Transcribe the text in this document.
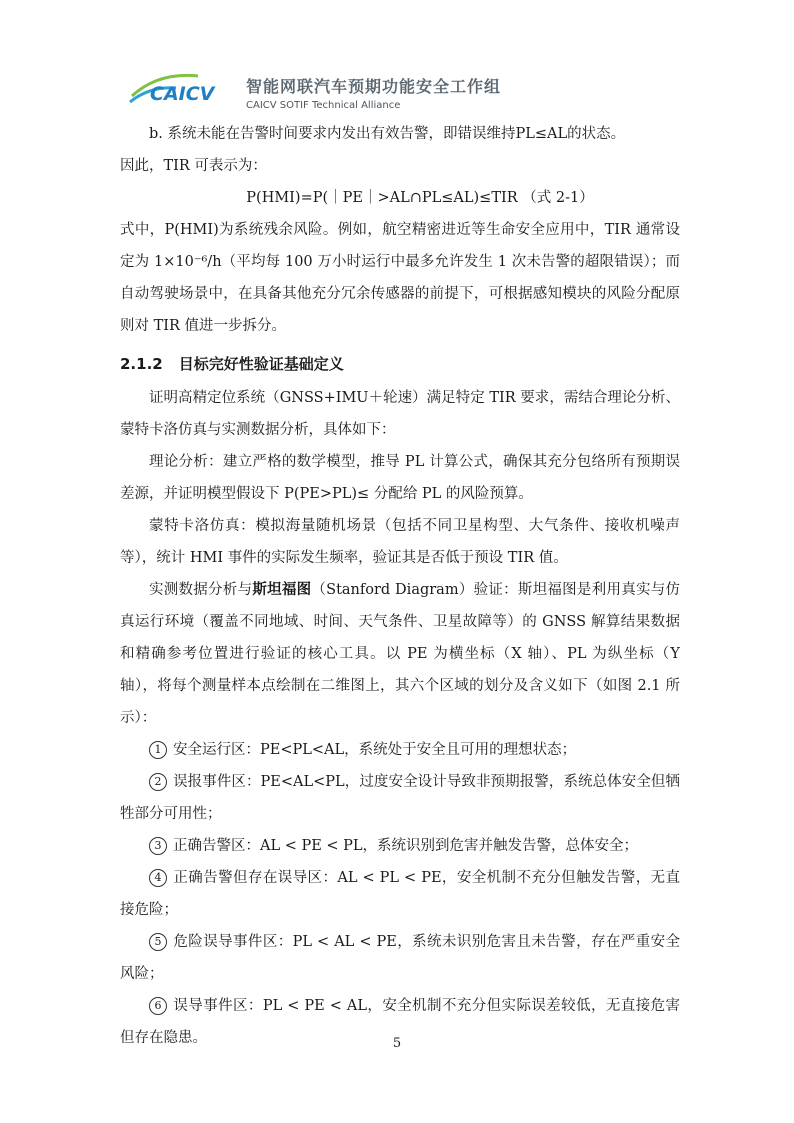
CAICV 智能网联汽车预期功能安全工作组
CAICV SOTIF Technical Alliance

b. 系统未能在告警时间要求内发出有效告警，即错误维持PL≤AL的状态。

因此，TIR 可表示为：

P(HMI)=P(｜PE｜>AL∩PL≤AL)≤TIR （式 2-1）

式中，P(HMI)为系统残余风险。例如，航空精密进近等生命安全应用中，TIR 通常设定为 1×10⁻⁶/h（平均每 100 万小时运行中最多允许发生 1 次未告警的超限错误）；而自动驾驶场景中，在具备其他充分冗余传感器的前提下，可根据感知模块的风险分配原则对 TIR 值进一步拆分。

2.1.2 目标完好性验证基础定义

证明高精定位系统（GNSS+IMU＋轮速）满足特定 TIR 要求，需结合理论分析、蒙特卡洛仿真与实测数据分析，具体如下：

理论分析：建立严格的数学模型，推导 PL 计算公式，确保其充分包络所有预期误差源，并证明模型假设下 P(PE>PL)≤ 分配给 PL 的风险预算。

蒙特卡洛仿真：模拟海量随机场景（包括不同卫星构型、大气条件、接收机噪声等），统计 HMI 事件的实际发生频率，验证其是否低于预设 TIR 值。

实测数据分析与斯坦福图（Stanford Diagram）验证：斯坦福图是利用真实与仿真运行环境（覆盖不同地域、时间、天气条件、卫星故障等）的 GNSS 解算结果数据和精确参考位置进行验证的核心工具。以 PE 为横坐标（X 轴）、PL 为纵坐标（Y 轴），将每个测量样本点绘制在二维图上，其六个区域的划分及含义如下（如图 2.1 所示）：

1 安全运行区：PE<PL<AL，系统处于安全且可用的理想状态；

2 误报事件区：PE<AL<PL，过度安全设计导致非预期报警，系统总体安全但牺牲部分可用性；

3 正确告警区：AL < PE < PL，系统识别到危害并触发告警，总体安全；

4 正确告警但存在误导区：AL < PL < PE，安全机制不充分但触发告警，无直接危险；

5 危险误导事件区：PL < AL < PE，系统未识别危害且未告警，存在严重安全风险；

6 误导事件区：PL < PE < AL，安全机制不充分但实际误差较低，无直接危害但存在隐患。	5
